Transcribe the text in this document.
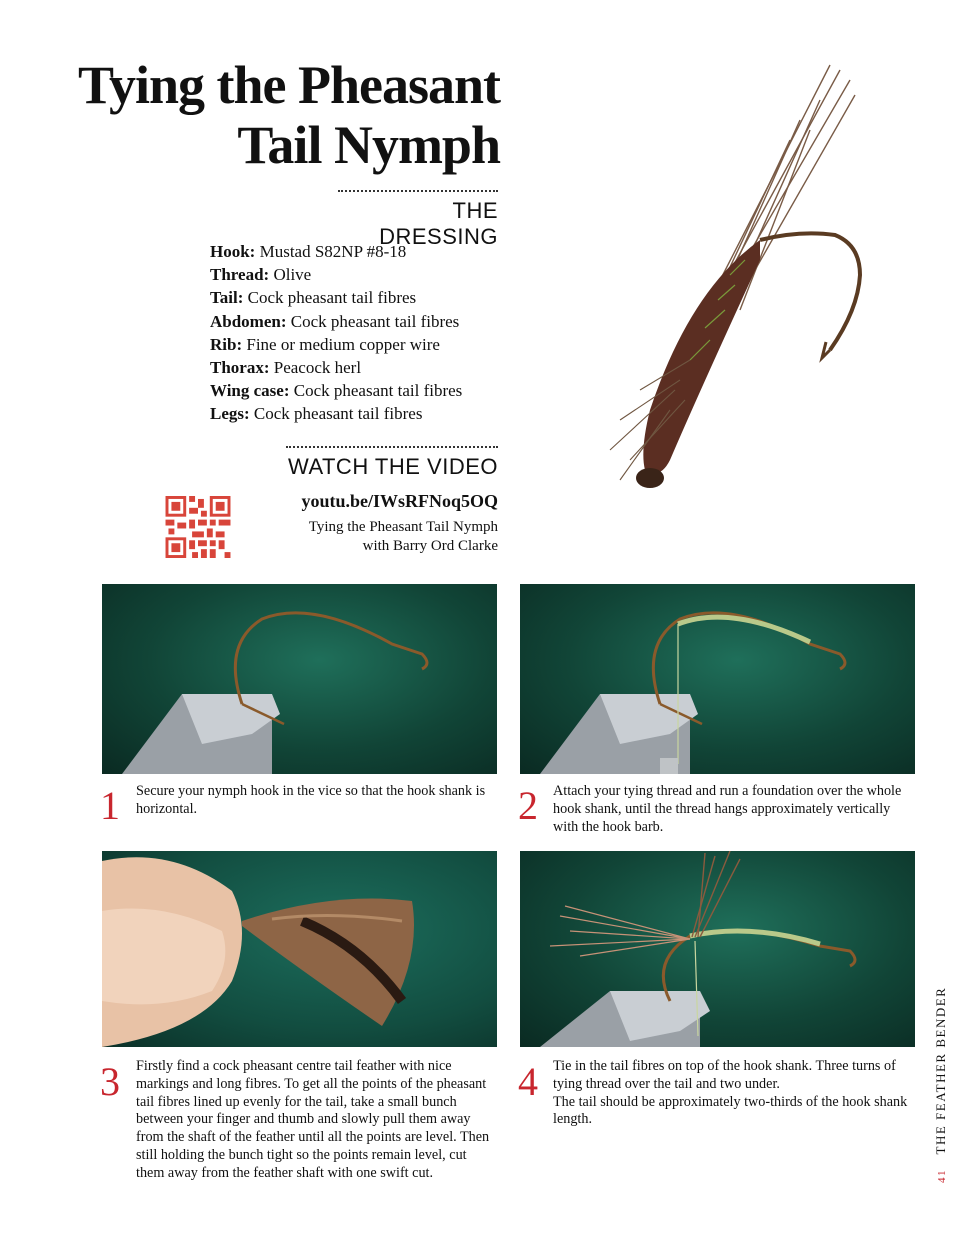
Tying the Pheasant
Tail Nymph
THE DRESSING
Hook: Mustad S82NP #8-18
Thread: Olive
Tail: Cock pheasant tail fibres
Abdomen: Cock pheasant tail fibres
Rib: Fine or medium copper wire
Thorax: Peacock herl
Wing case: Cock pheasant tail fibres
Legs: Cock pheasant tail fibres
WATCH THE VIDEO
youtu.be/IWsRFNoq5OQ
Tying the Pheasant Tail Nymph
with Barry Ord Clarke
1 Secure your nymph hook in the vice so that the hook shank is horizontal.	2 Attach your tying thread and run a foundation over the whole hook shank, until the thread hangs approximately vertically with the hook barb.

3 Firstly find a cock pheasant centre tail feather with nice markings and long fibres. To get all the points of the pheasant tail fibres lined up evenly for the tail, take a small bunch between your finger and thumb and slowly pull them away from the shaft of the feather until all the points are level. Then still holding the bunch tight so the points remain level, cut them away from the feather shaft with one swift cut.

4 Tie in the tail fibres on top of the hook shank. Three turns of tying thread over the tail and two under.
The tail should be approximately two-thirds of the hook shank length.

41 THE FEATHER BENDER
